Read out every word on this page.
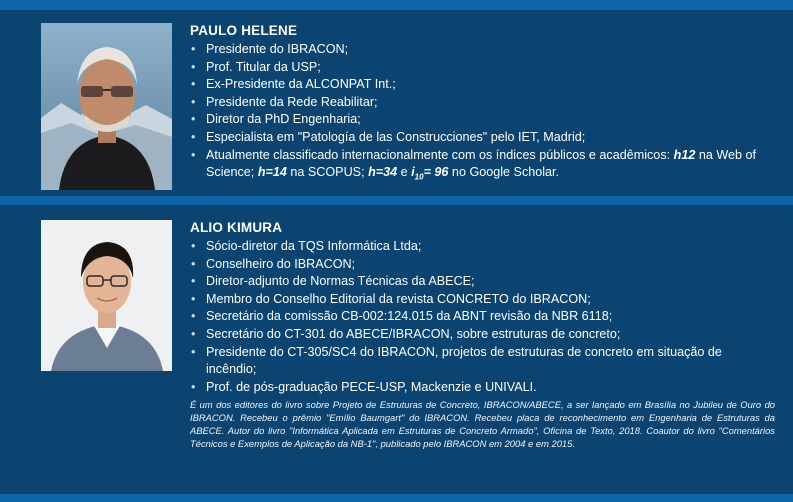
PAULO HELENE
• Presidente do IBRACON;
• Prof. Titular da USP;
• Ex-Presidente da ALCONPAT Int.;
• Presidente da Rede Reabilitar;
• Diretor da PhD Engenharia;
• Especialista em "Patología de las Construcciones" pelo IET, Madrid;
• Atualmente classificado internacionalmente com os índices públicos e acadêmicos: h12 na Web of Science; h=14 na SCOPUS; h=34 e $i_{10}= 96$ no Google Scholar.
ALIO KIMURA
• Sócio-diretor da TQS Informática Ltda;
• Conselheiro do IBRACON;
• Diretor-adjunto de Normas Técnicas da ABECE;
• Membro do Conselho Editorial da revista CONCRETO do IBRACON;
• Secretário da comissão CB-002:124.015 da ABNT revisão da NBR 6118;
• Secretário do CT-301 do ABECE/IBRACON, sobre estruturas de concreto;
• Presidente do CT-305/SC4 do IBRACON, projetos de estruturas de concreto em situação de incêndio;
• Prof. de pós-graduação PECE-USP, Mackenzie e UNIVALI.

É um dos editores do livro sobre Projeto de Estruturas de Concreto, IBRACON/ABECE, a ser lançado em Brasília no Jubileu de Ouro do IBRACON. Recebeu o prêmio "Emílio Baumgart" do IBRACON. Recebeu placa de reconhecimento em Engenharia de Estruturas da ABECE. Autor do livro "Informática Aplicada em Estruturas de Concreto Armado", Oficina de Texto, 2018. Coautor do livro "Comentários Técnicos e Exemplos de Aplicação da NB-1", publicado pelo IBRACON em 2004 e em 2015.
